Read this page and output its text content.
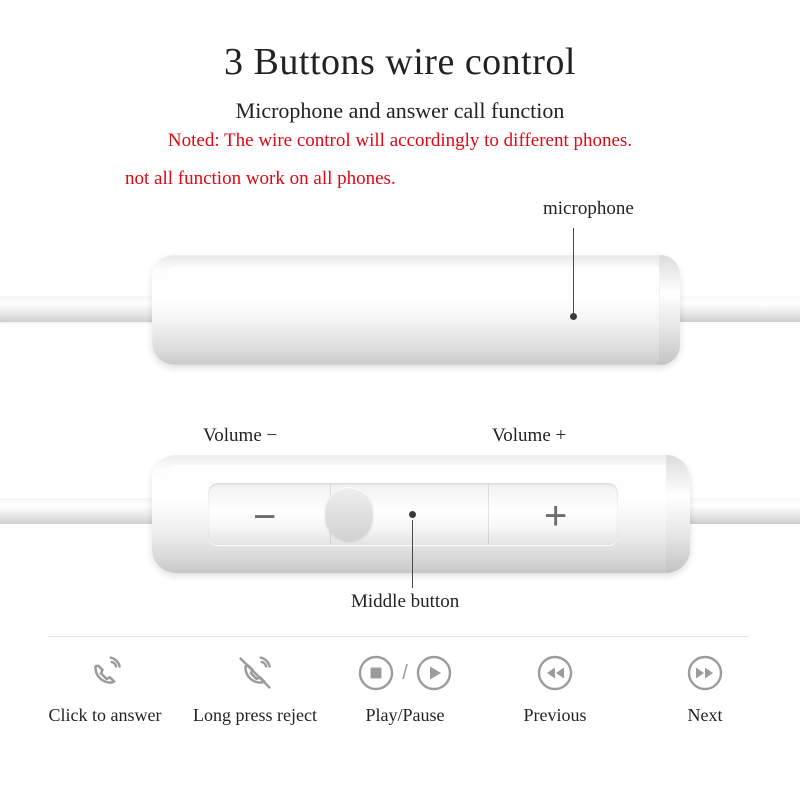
3 Buttons wire control
Microphone and answer call function
Noted: The wire control will accordingly to different phones.
not all function work on all phones.
microphone
Volume −	Volume +
−	+
Middle button
Click to answer	Long press reject
/
Play/Pause	Previous	Next
